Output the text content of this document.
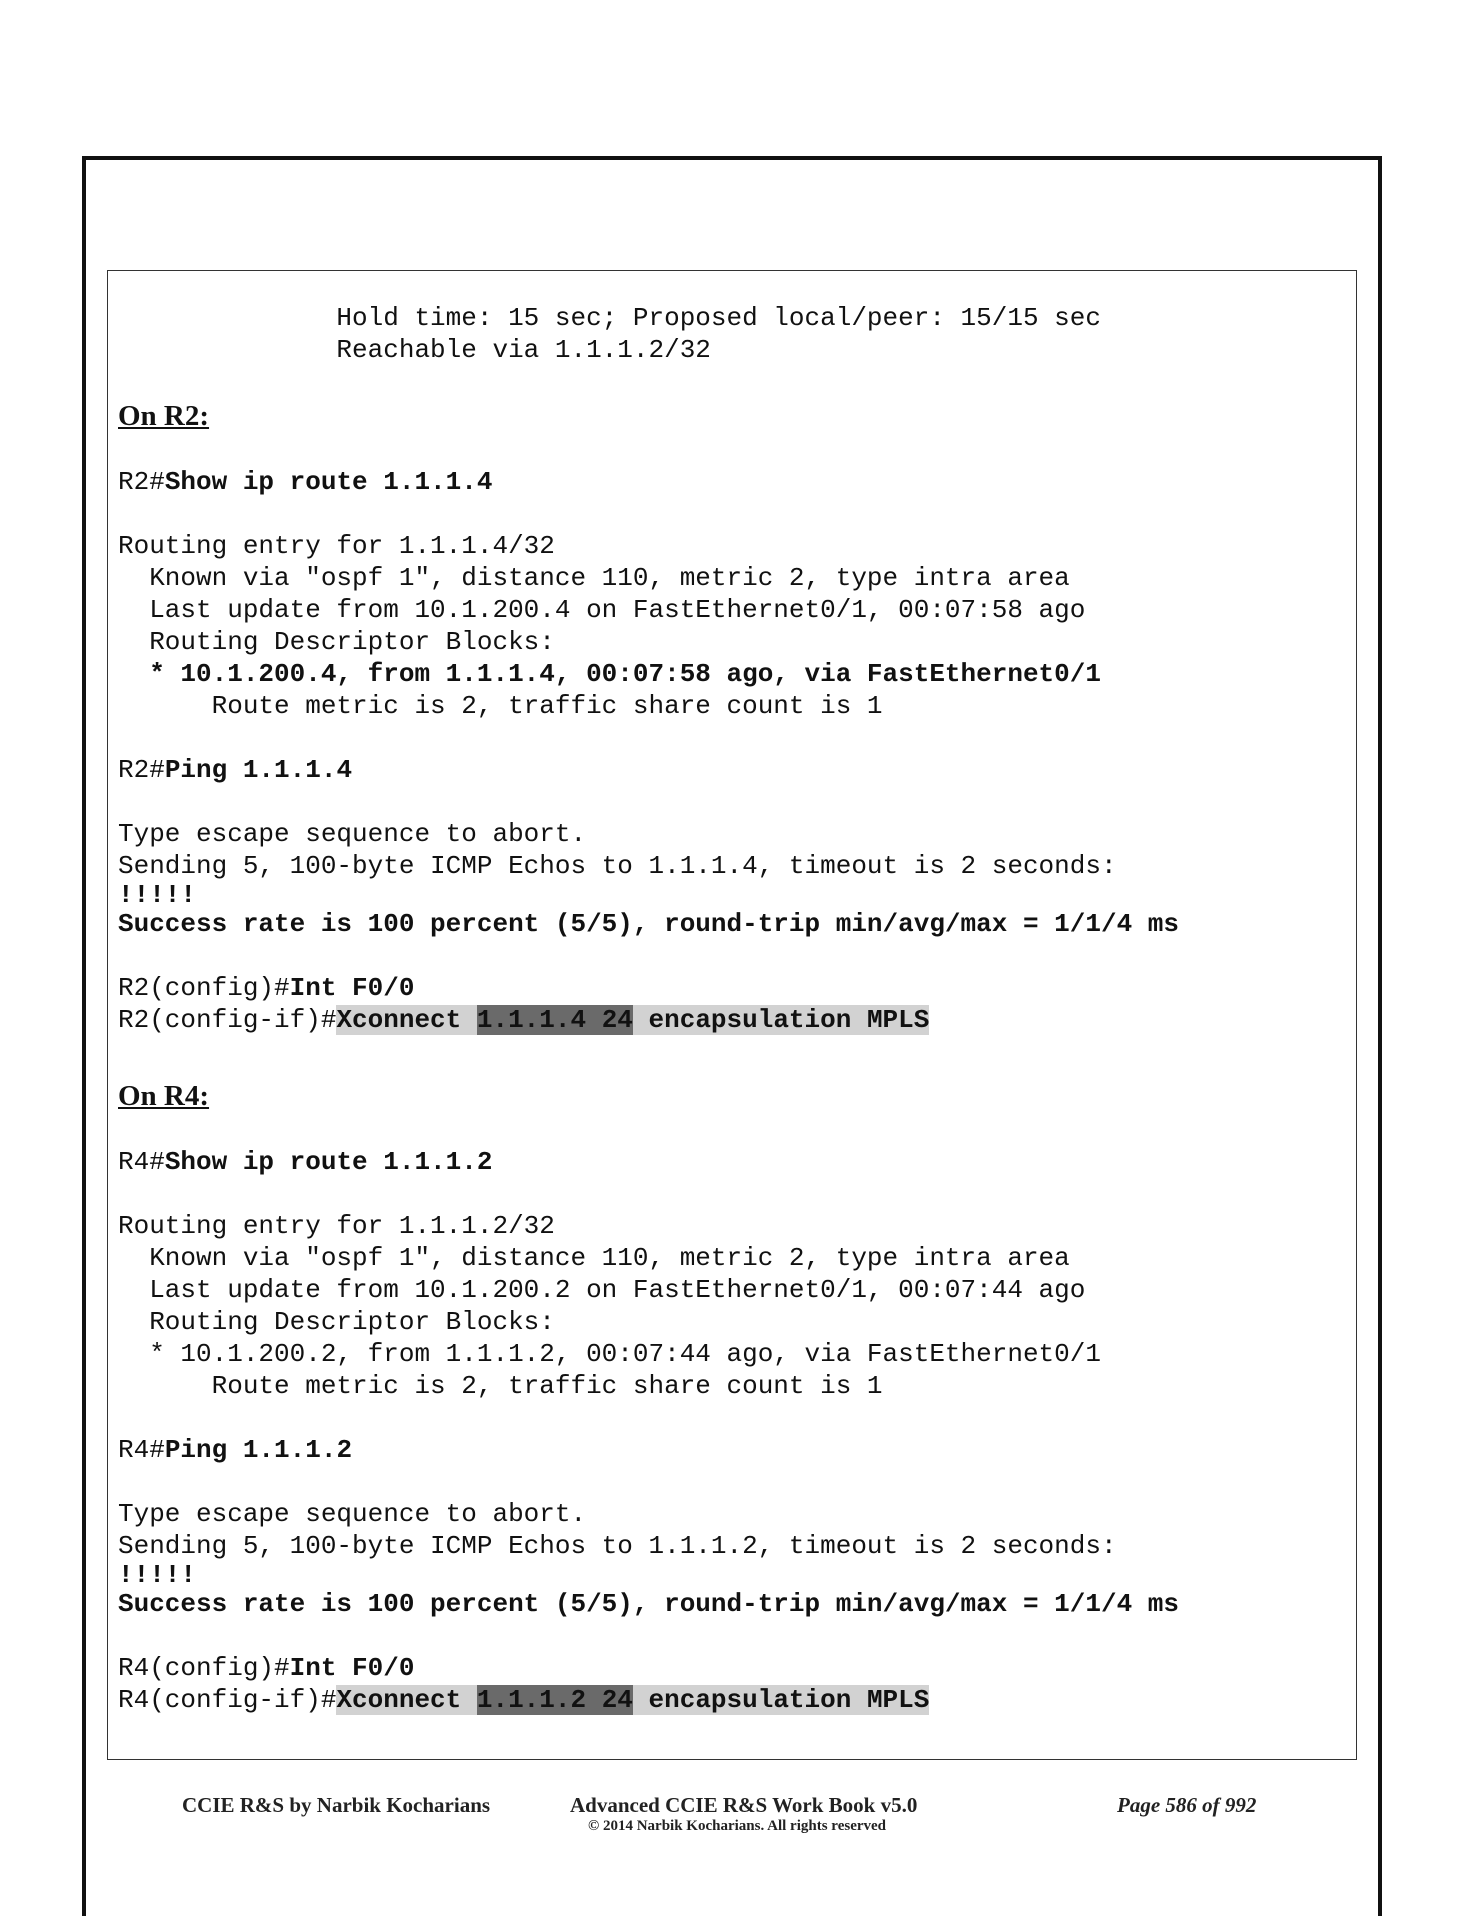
Hold time: 15 sec; Proposed local/peer: 15/15 sec
Reachable via 1.1.1.2/32
On R2:
R2#Show ip route 1.1.1.4

Routing entry for 1.1.1.4/32
Known via "ospf 1", distance 110, metric 2, type intra area
Last update from 10.1.200.4 on FastEthernet0/1, 00:07:58 ago
Routing Descriptor Blocks:
* 10.1.200.4, from 1.1.1.4, 00:07:58 ago, via FastEthernet0/1
Route metric is 2, traffic share count is 1

R2#Ping 1.1.1.4

Type escape sequence to abort.
Sending 5, 100-byte ICMP Echos to 1.1.1.4, timeout is 2 seconds:
!!!!!
Success rate is 100 percent (5/5), round-trip min/avg/max = 1/1/4 ms

R2(config)#Int F0/0
R2(config-if)#Xconnect 1.1.1.4 24 encapsulation MPLS
On R4:
R4#Show ip route 1.1.1.2

Routing entry for 1.1.1.2/32
Known via "ospf 1", distance 110, metric 2, type intra area
Last update from 10.1.200.2 on FastEthernet0/1, 00:07:44 ago
Routing Descriptor Blocks:
* 10.1.200.2, from 1.1.1.2, 00:07:44 ago, via FastEthernet0/1
Route metric is 2, traffic share count is 1

R4#Ping 1.1.1.2

Type escape sequence to abort.
Sending 5, 100-byte ICMP Echos to 1.1.1.2, timeout is 2 seconds:
!!!!!
Success rate is 100 percent (5/5), round-trip min/avg/max = 1/1/4 ms

R4(config)#Int F0/0
R4(config-if)#Xconnect 1.1.1.2 24 encapsulation MPLS
CCIE R&S by Narbik Kocharians	Advanced CCIE R&S Work Book v5.0
© 2014 Narbik Kocharians. All rights reserved
Page 586 of 992
